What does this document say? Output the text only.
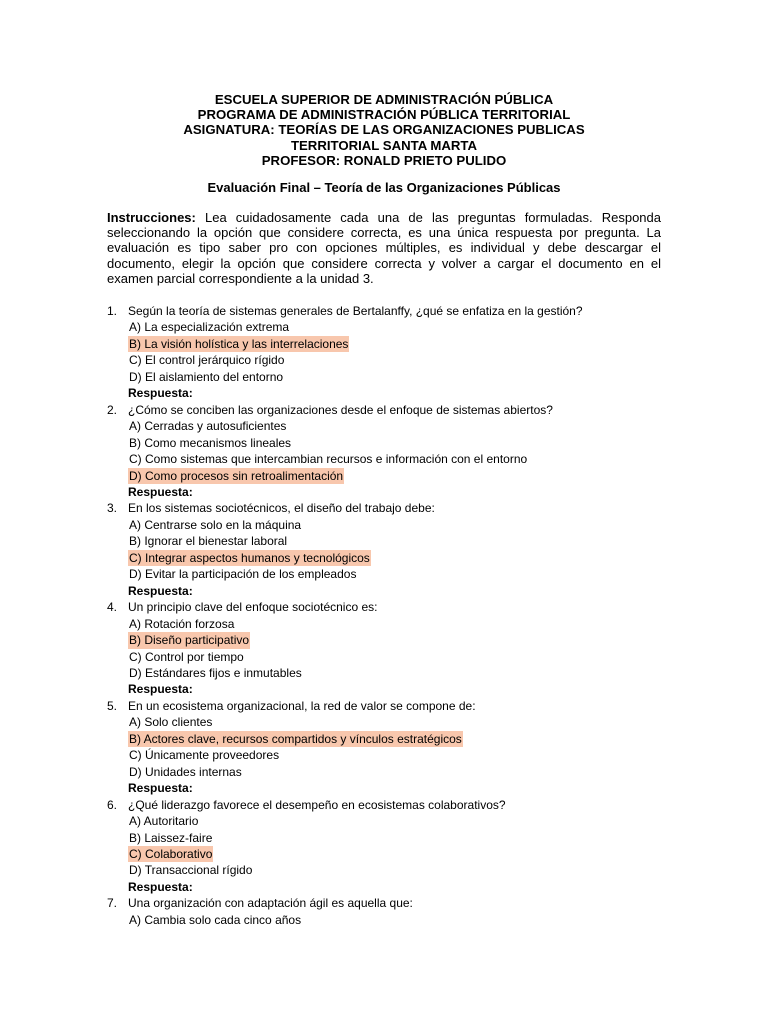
ESCUELA SUPERIOR DE ADMINISTRACIÓN PÚBLICA
PROGRAMA DE ADMINISTRACIÓN PÚBLICA TERRITORIAL
ASIGNATURA: TEORÍAS DE LAS ORGANIZACIONES PUBLICAS
TERRITORIAL SANTA MARTA
PROFESOR: RONALD PRIETO PULIDO
Evaluación Final – Teoría de las Organizaciones Públicas
Instrucciones: Lea cuidadosamente cada una de las preguntas formuladas. Responda seleccionando la opción que considere correcta, es una única respuesta por pregunta. La evaluación es tipo saber pro con opciones múltiples, es individual y debe descargar el documento, elegir la opción que considere correcta y volver a cargar el documento en el examen parcial correspondiente a la unidad 3.
1. Según la teoría de sistemas generales de Bertalanffy, ¿qué se enfatiza en la gestión?
A) La especialización extrema
B) La visión holística y las interrelaciones
C) El control jerárquico rígido
D) El aislamiento del entorno
Respuesta:
2. ¿Cómo se conciben las organizaciones desde el enfoque de sistemas abiertos?
A) Cerradas y autosuficientes
B) Como mecanismos lineales
C) Como sistemas que intercambian recursos e información con el entorno
D) Como procesos sin retroalimentación
Respuesta:
3. En los sistemas sociotécnicos, el diseño del trabajo debe:
A) Centrarse solo en la máquina
B) Ignorar el bienestar laboral
C) Integrar aspectos humanos y tecnológicos
D) Evitar la participación de los empleados
Respuesta:
4. Un principio clave del enfoque sociotécnico es:
A) Rotación forzosa
B) Diseño participativo
C) Control por tiempo
D) Estándares fijos e inmutables
Respuesta:
5. En un ecosistema organizacional, la red de valor se compone de:
A) Solo clientes
B) Actores clave, recursos compartidos y vínculos estratégicos
C) Únicamente proveedores
D) Unidades internas
Respuesta:
6. ¿Qué liderazgo favorece el desempeño en ecosistemas colaborativos?
A) Autoritario
B) Laissez-faire
C) Colaborativo
D) Transaccional rígido
Respuesta:
7. Una organización con adaptación ágil es aquella que:
A) Cambia solo cada cinco años
